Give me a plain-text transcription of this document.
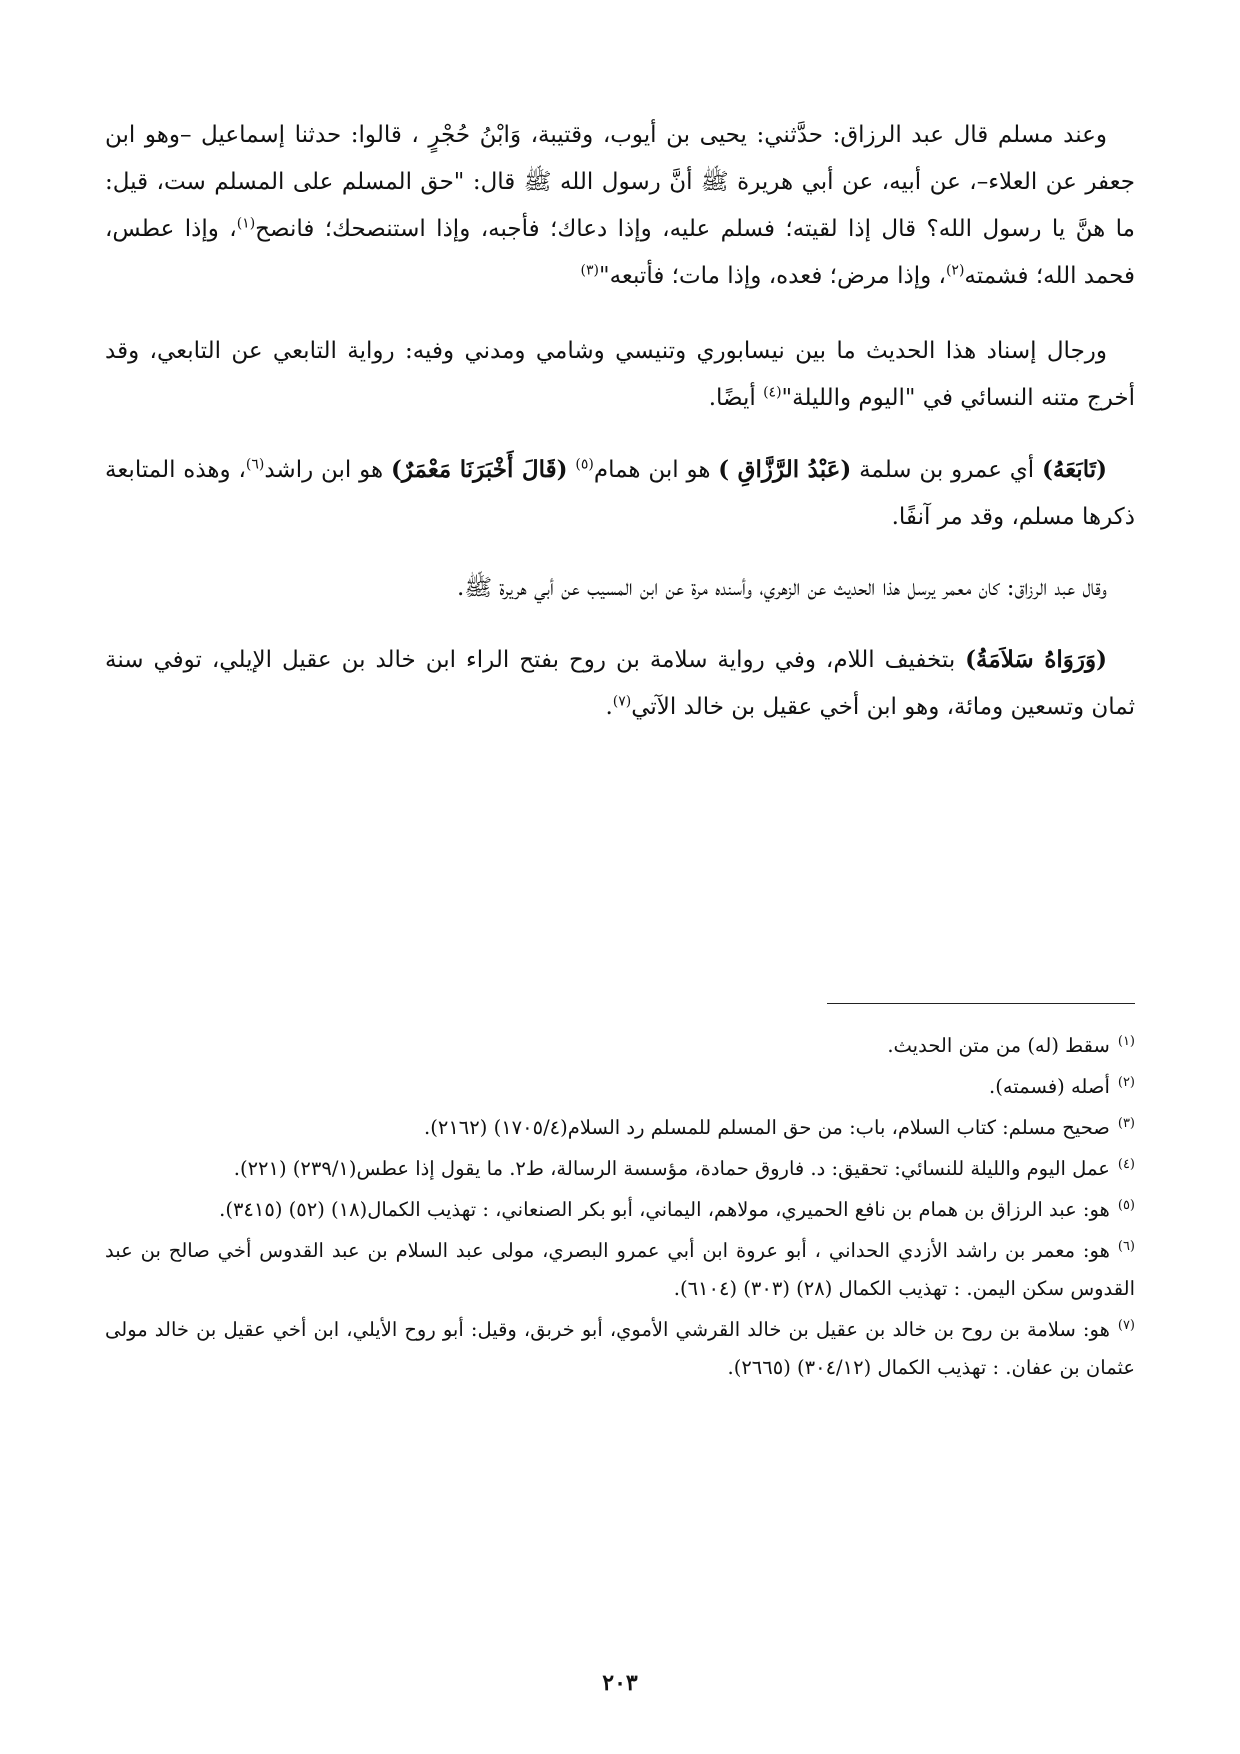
وعند مسلم قال عبد الرزاق: حدَّثني: يحيى بن أيوب، وقتيبة، وَابْنُ حُجْرٍ ، قالوا: حدثنا إسماعيل –وهو ابن جعفر عن العلاء–، عن أبيه، عن أبي هريرة ﷺ أنَّ رسول الله ﷺ قال: "حق المسلم على المسلم ست، قيل: ما هنَّ يا رسول الله؟ قال إذا لقيته؛ فسلم عليه، وإذا دعاك؛ فأجبه، وإذا استنصحك؛ فانصح$^{(١)}$، وإذا عطس، فحمد الله؛ فشمته$^{(٢)}$، وإذا مرض؛ فعده، وإذا مات؛ فأتبعه"$^{(٣)}$

ورجال إسناد هذا الحديث ما بين نيسابوري وتنيسي وشامي ومدني وفيه: رواية التابعي عن التابعي، وقد أخرج متنه النسائي في "اليوم والليلة"$^{(٤)}$ أيضًا.

(تَابَعَهُ) أي عمرو بن سلمة (عَبْدُ الرَّزَّاقِ ) هو ابن همام$^{(٥)}$ (قَالَ أَخْبَرَنَا مَعْمَرٌ) هو ابن راشد$^{(٦)}$، وهذه المتابعة ذكرها مسلم، وقد مر آنفًا.

وقال عبد الرزاق: كان معمر يرسل هذا الحديث عن الزهري، وأسنده مرة عن ابن المسيب عن أبي هريرة ﷺ.

(وَرَوَاهُ سَلاَمَةُ) بتخفيف اللام، وفي رواية سلامة بن روح بفتح الراء ابن خالد بن عقيل الإيلي، توفي سنة ثمان وتسعين ومائة، وهو ابن أخي عقيل بن خالد الآتي$^{(٧)}$.

$^{(١)}$سقط (له) من متن الحديث.

$^{(٢)}$أصله (فسمته).

$^{(٣)}$صحيح مسلم: كتاب السلام، باب: من حق المسلم للمسلم رد السلام(١٧٠٥/٤) (٢١٦٢).

$^{(٤)}$عمل اليوم والليلة للنسائي: تحقيق: د. فاروق حمادة، مؤسسة الرسالة، ط٢. ما يقول إذا عطس(٢٣٩/١) (٢٢١).

$^{(٥)}$هو: عبد الرزاق بن همام بن نافع الحميري، مولاهم، اليماني، أبو بكر الصنعاني، : تهذيب الكمال(١٨) (٥٢) (٣٤١٥).

$^{(٦)}$هو: معمر بن راشد الأزدي الحداني ، أبو عروة ابن أبي عمرو البصري، مولى عبد السلام بن عبد القدوس أخي صالح بن عبد القدوس سكن اليمن. : تهذيب الكمال (٢٨) (٣٠٣) (٦١٠٤).

$^{(٧)}$هو: سلامة بن روح بن خالد بن عقيل بن خالد القرشي الأموي، أبو خربق، وقيل: أبو روح الأيلي، ابن أخي عقيل بن خالد مولى عثمان بن عفان. : تهذيب الكمال (٣٠٤/١٢) (٢٦٦٥).

٢٠٣
